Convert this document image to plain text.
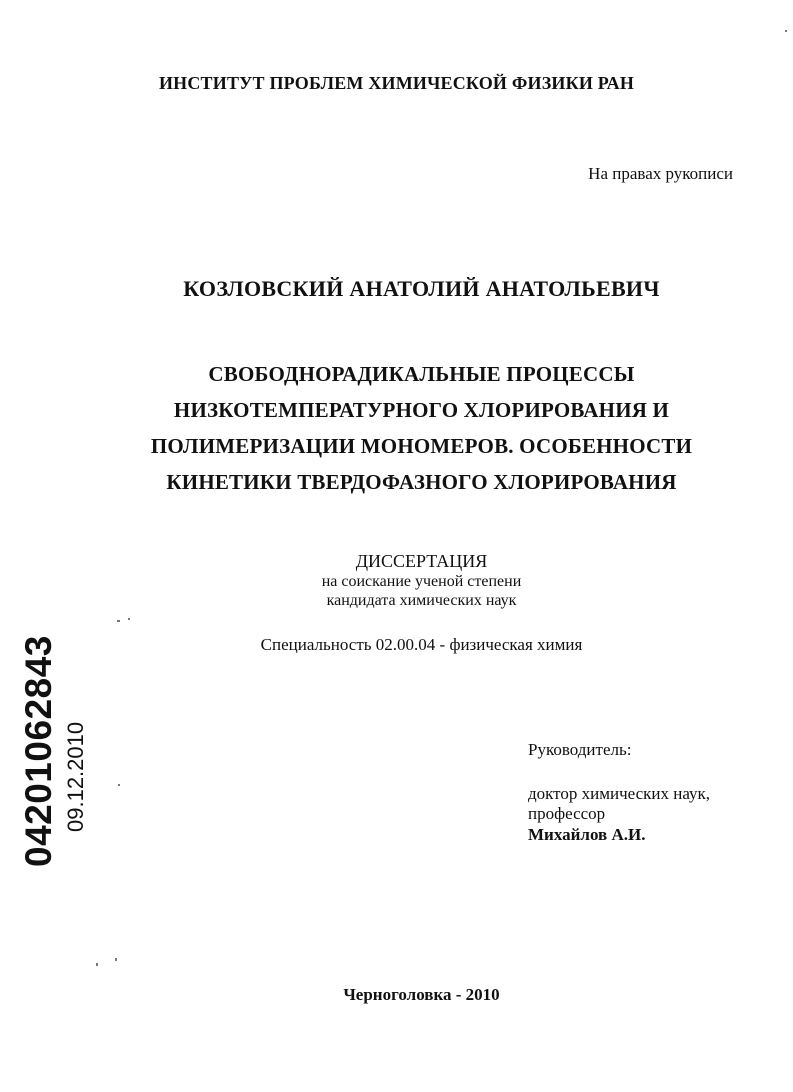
ИНСТИТУТ ПРОБЛЕМ ХИМИЧЕСКОЙ ФИЗИКИ РАН
На правах рукописи
КОЗЛОВСКИЙ АНАТОЛИЙ АНАТОЛЬЕВИЧ
СВОБОДНОРАДИКАЛЬНЫЕ ПРОЦЕССЫ
НИЗКОТЕМПЕРАТУРНОГО ХЛОРИРОВАНИЯ И
ПОЛИМЕРИЗАЦИИ МОНОМЕРОВ. ОСОБЕННОСТИ
КИНЕТИКИ ТВЕРДОФАЗНОГО ХЛОРИРОВАНИЯ
ДИССЕРТАЦИЯ
на соискание ученой степени
кандидата химических наук
Специальность 02.00.04 - физическая химия
Руководитель:
доктор химических наук,
профессор
Михайлов А.И.
Черноголовка - 2010
04201062843 09.12.2010
